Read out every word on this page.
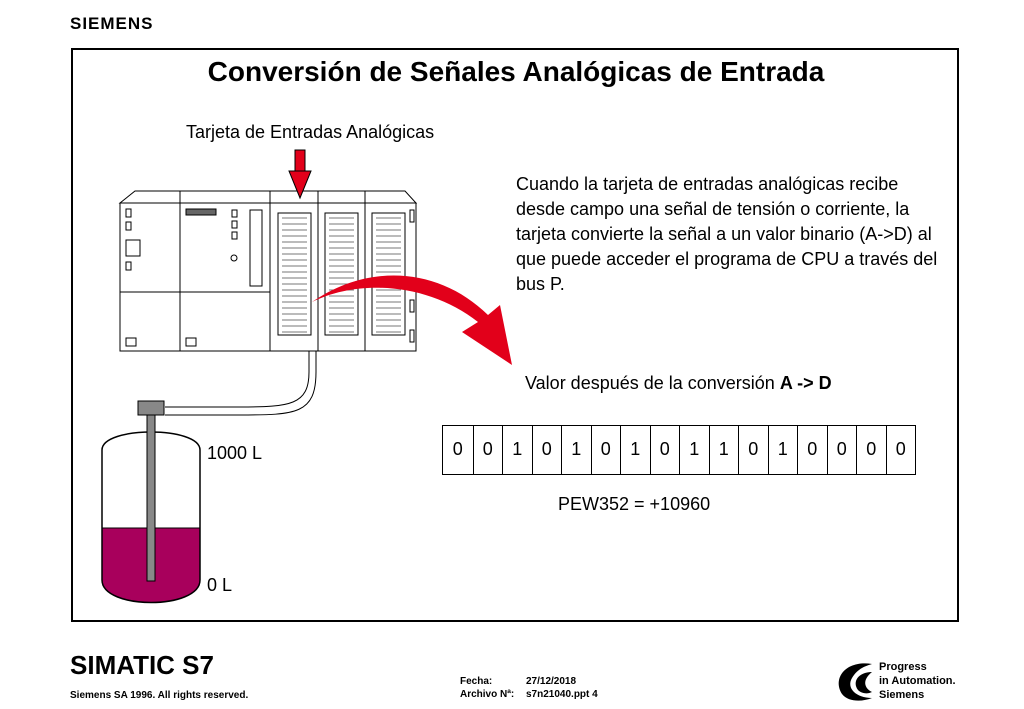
SIEMENS
Conversión de Señales Analógicas de Entrada
Tarjeta de Entradas Analógicas
Cuando la tarjeta de entradas analógicas recibe desde campo una señal de tensión o corriente, la tarjeta convierte la señal a un valor binario (A->D) al que puede acceder el programa de CPU a través del bus P.
Valor después de la conversión A -> D
0	0	1	0	1	0	1	0	1	1	0	1	0	0	0	0
PEW352 = +10960
1000 L
0 L
SIMATIC S7
Siemens SA 1996. All rights reserved.
Fecha:	27/12/2018
Archivo Nª: s7n21040.ppt 4
Progress
in Automation.
Siemens
